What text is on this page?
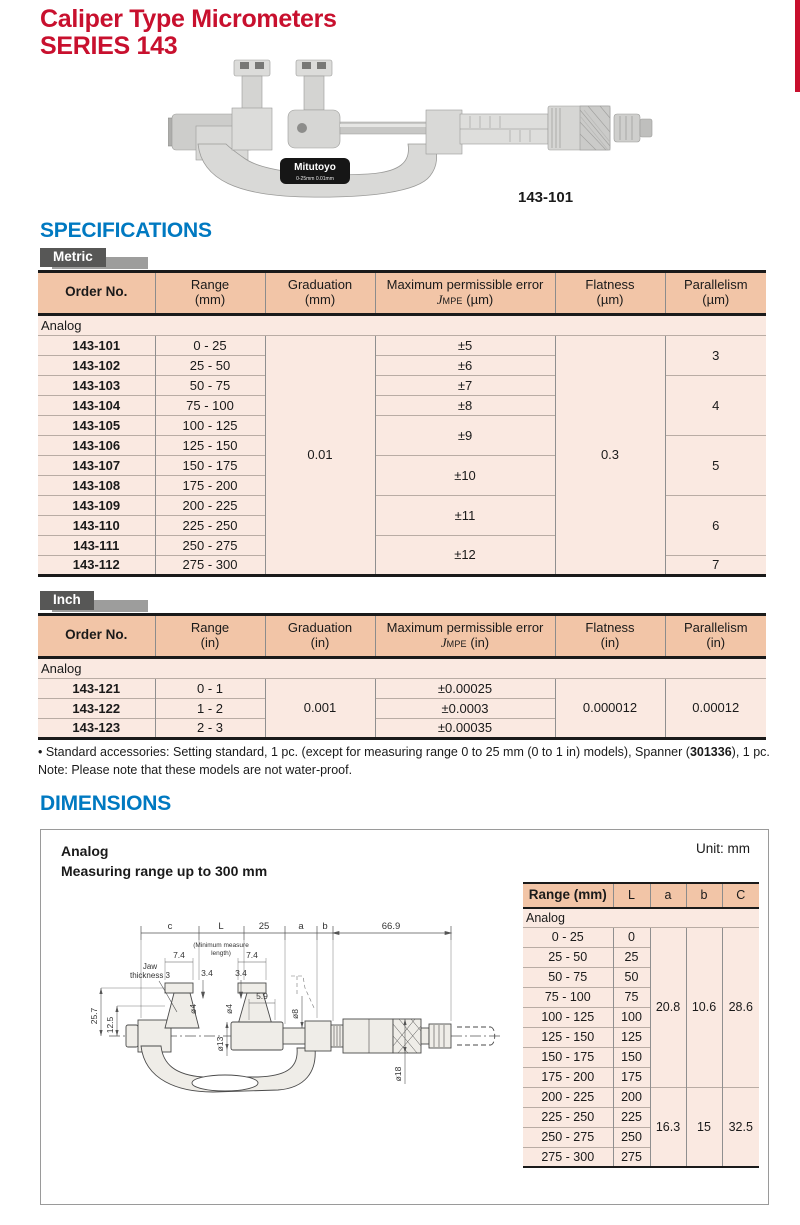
Caliper Type Micrometers
SERIES 143
Mitutoyo
0-25mm 0.01mm
143-101
SPECIFICATIONS
Metric
Order No.	Range
(mm)

Graduation
(mm)

Maximum permissible error
JMPE (µm)

Flatness
(µm)

Parallelism
(µm)

Analog					
143-101	0 - 25	0.01	±5	0.3	3
143-102	25 - 50		±6		
143-103	50 - 75		±7		4
143-104	75 - 100		±8		
143-105	100 - 125		±9		
143-106	125 - 150				5
143-107	150 - 175		±10		
143-108	175 - 200				
143-109	200 - 225		±11		6
143-110	225 - 250				
143-111	250 - 275		±12		
143-112	275 - 300				7
Inch
Order No.	Range
(in)

Graduation
(in)

Maximum permissible error
JMPE (in)

Flatness
(in)

Parallelism
(in)

Analog					
143-121	0 - 1	0.001	±0.00025	0.000012	0.00012
143-122	1 - 2		±0.0003		
143-123	2 - 3		±0.00035		
• Standard accessories: Setting standard, 1 pc. (except for measuring range 0 to 25 mm (0 to 1 in) models), Spanner (301336), 1 pc.
Note: Please note that these models are not water-proof.
DIMENSIONS
Analog
Measuring range up to 300 mm
Unit: mm
c	L	25	a b	66.9
(Minimum measure
length)
7.4	7.4
Jaw
thickness 3	3.4	3.4
ø4	ø4
5.9
ø8
ø13
ø18
25.7
12.5
Range (mm)	L	a	b	C

Analog				
0 - 25	0	20.8	10.6	28.6
25 - 50	25			
50 - 75	50			
75 - 100	75			
100 - 125	100			
125 - 150	125			
150 - 175	150			
175 - 200	175			
200 - 225	200	16.3	15	32.5
225 - 250	225			
250 - 275	250			
275 - 300	275			
